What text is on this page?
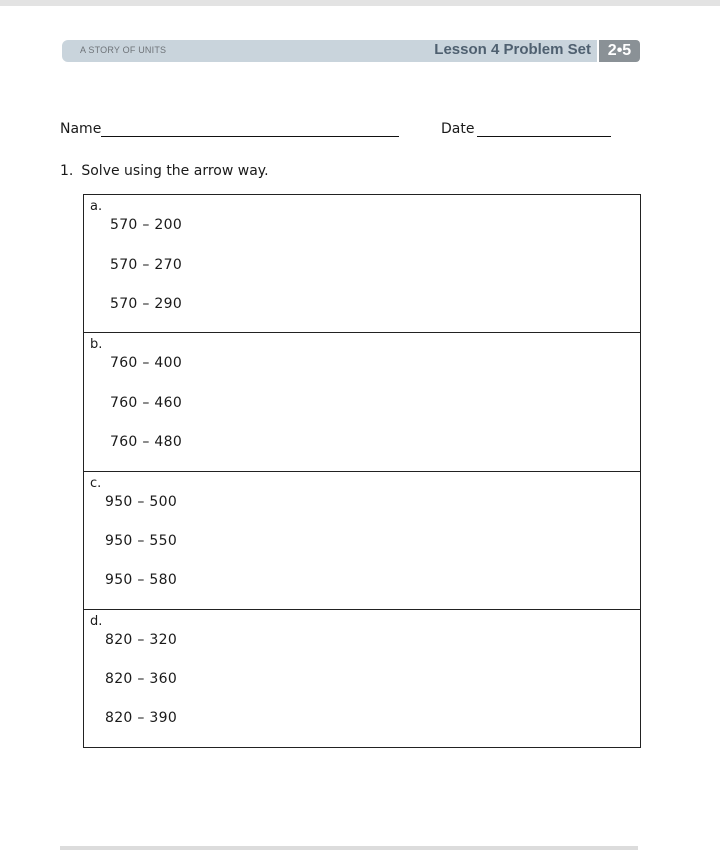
A STORY OF UNITS	Lesson 4 Problem Set	2•5
Name	Date
1. Solve using the arrow way.
a.
570 – 200
570 – 270
570 – 290
b.
760 – 400
760 – 460
760 – 480
c.
950 – 500
950 – 550
950 – 580
d.
820 – 320
820 – 360
820 – 390
